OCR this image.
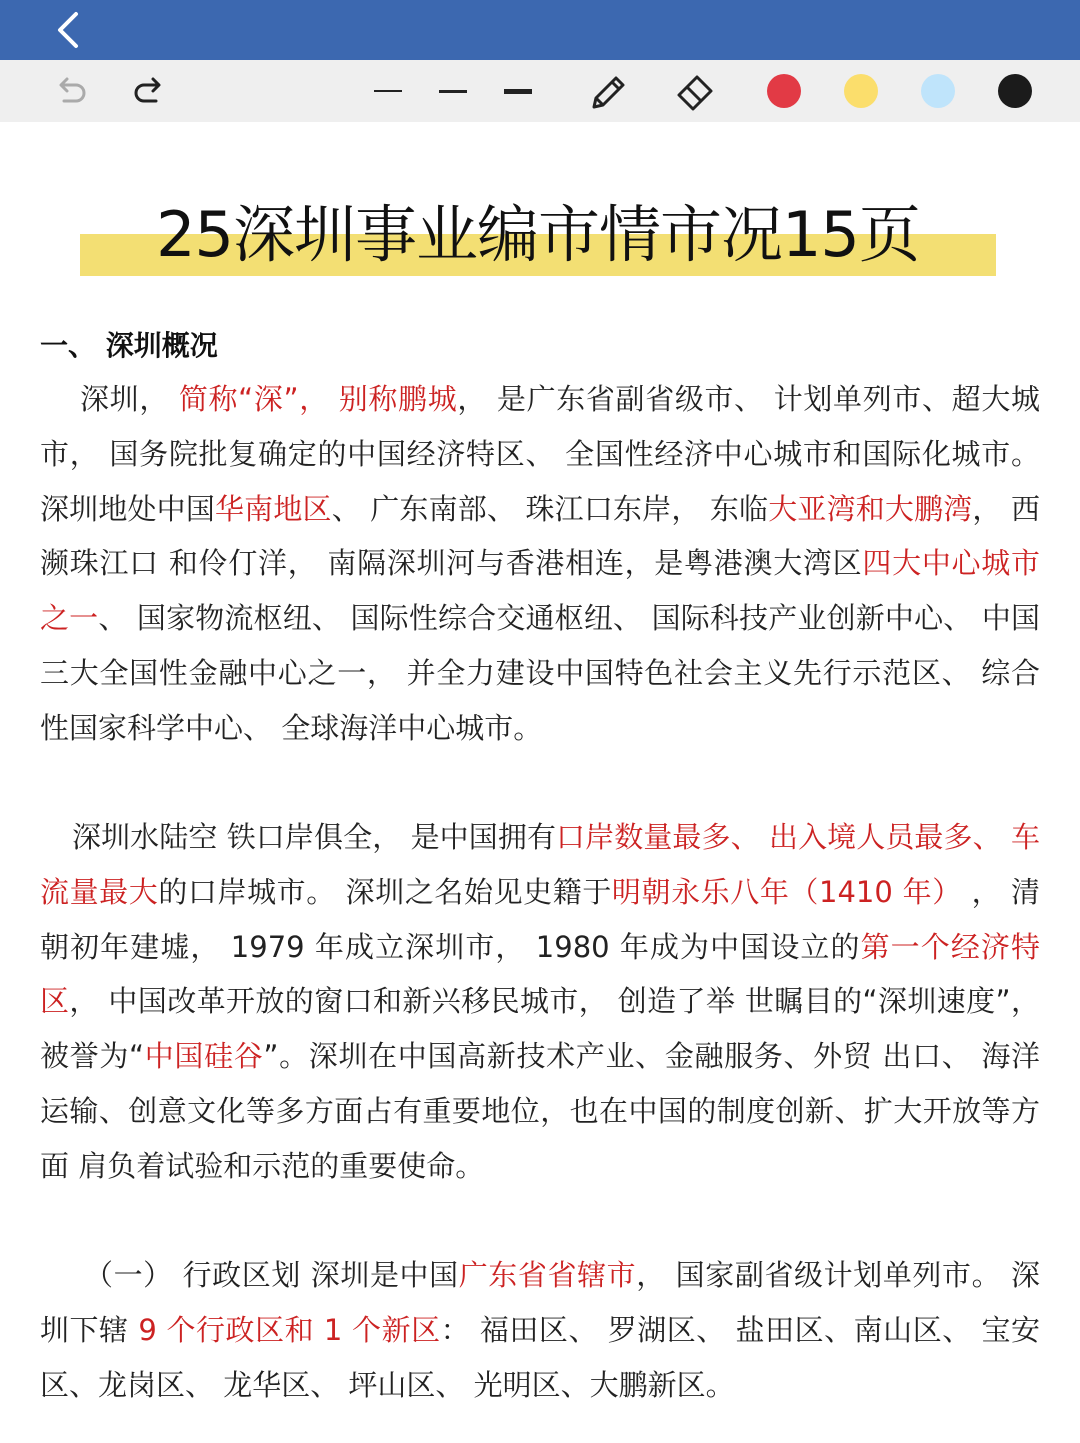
25深圳事业编市情市况15页
一、 深圳概况
深圳， 简称“深”， 别称鹏城， 是广东省副省级市、 计划单列市、超大城市， 国务院批复确定的中国经济特区、 全国性经济中心城市和国际化城市。 深圳地处中国华南地区、 广东南部、 珠江口东岸， 东临大亚湾和大鹏湾， 西濒珠江口 和伶仃洋， 南隔深圳河与香港相连，是粤港澳大湾区四大中心城市之一、 国家物流枢纽、 国际性综合交通枢纽、 国际科技产业创新中心、 中国三大全国性金融中心之一， 并全力建设中国特色社会主义先行示范区、 综合性国家科学中心、 全球海洋中心城市。
深圳水陆空 铁口岸俱全， 是中国拥有口岸数量最多、 出入境人员最多、 车流量最大的口岸城市。 深圳之名始见史籍于明朝永乐八年（1410 年） ， 清朝初年建墟， 1979 年成立深圳市， 1980 年成为中国设立的第一个经济特区， 中国改革开放的窗口和新兴移民城市， 创造了举 世瞩目的“深圳速度”， 被誉为“中国硅谷”。深圳在中国高新技术产业、金融服务、外贸 出口、 海洋运输、创意文化等多方面占有重要地位，也在中国的制度创新、扩大开放等方面 肩负着试验和示范的重要使命。
（一） 行政区划 深圳是中国广东省省辖市， 国家副省级计划单列市。 深圳下辖 9 个行政区和 1 个新区： 福田区、 罗湖区、 盐田区、南山区、 宝安区、龙岗区、 龙华区、 坪山区、 光明区、大鹏新区。
